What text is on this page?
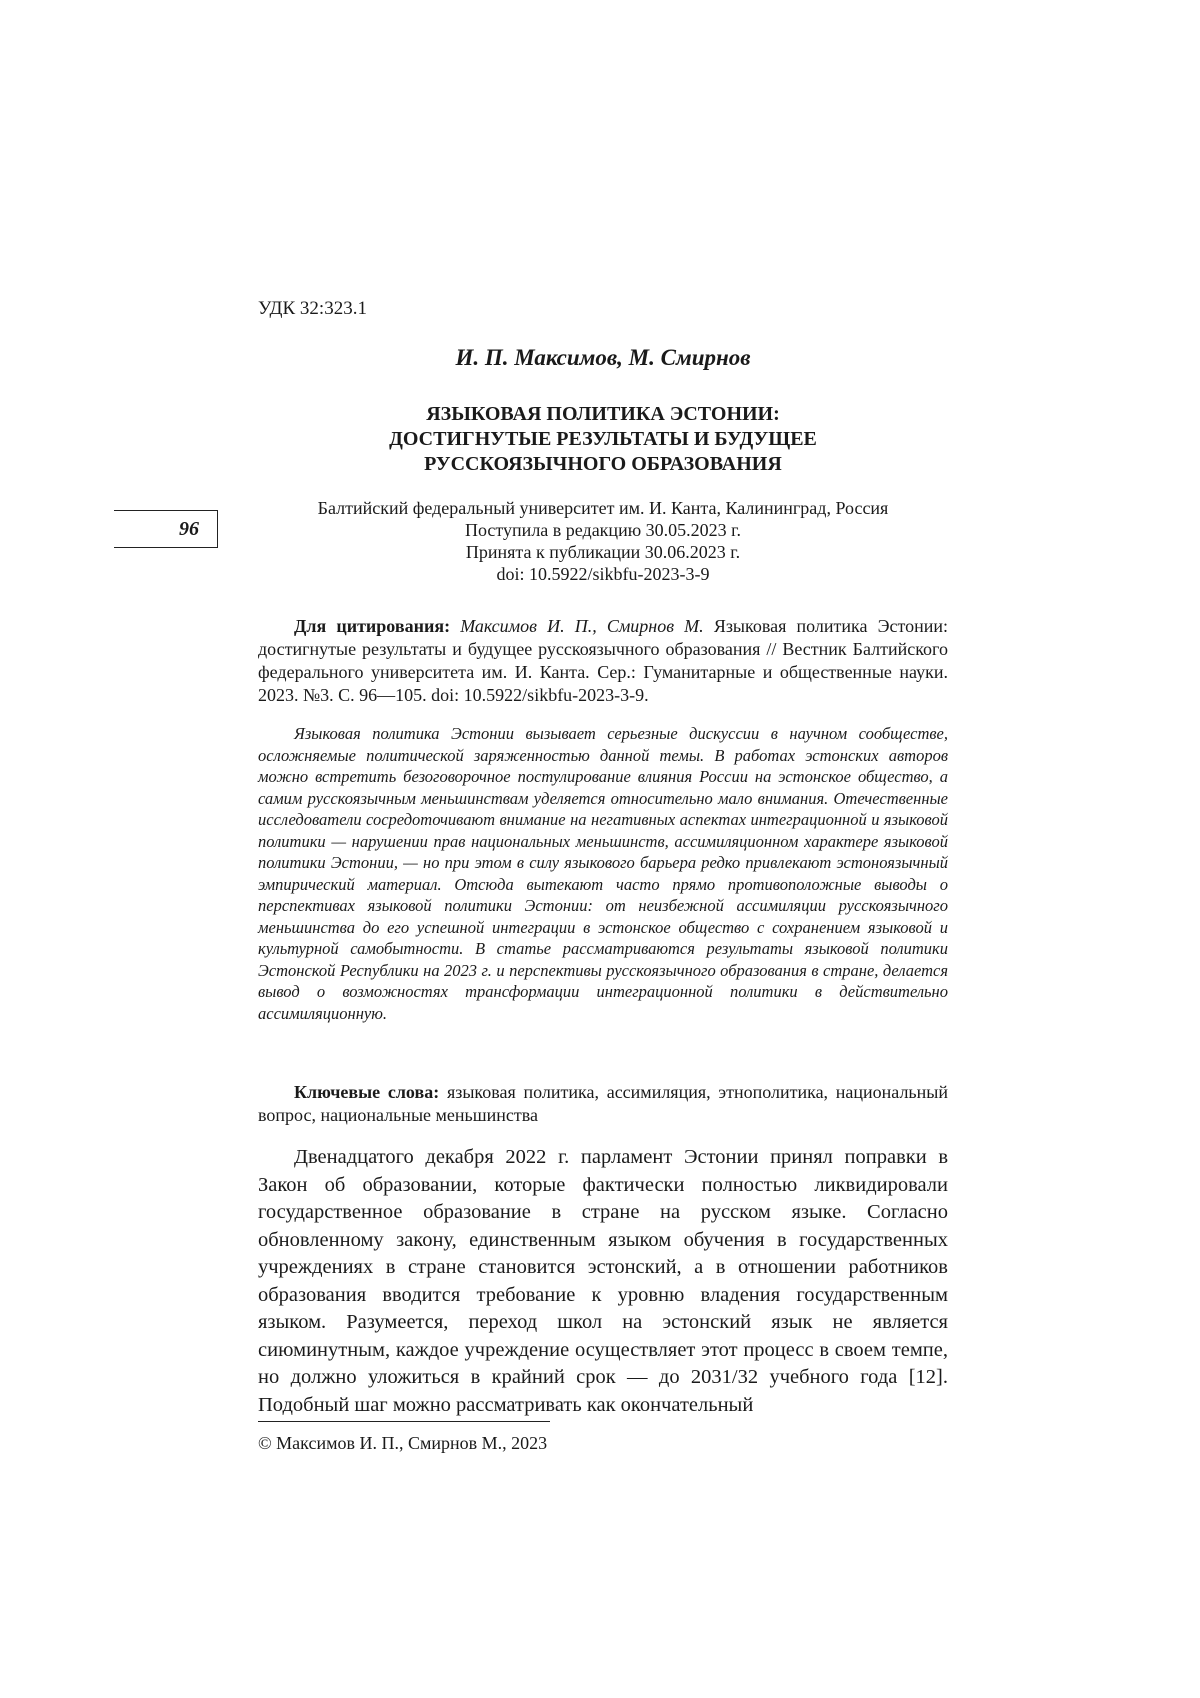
УДК 32:323.1
И. П. Максимов, М. Смирнов
ЯЗЫКОВАЯ ПОЛИТИКА ЭСТОНИИ:
ДОСТИГНУТЫЕ РЕЗУЛЬТАТЫ И БУДУЩЕЕ
РУССКОЯЗЫЧНОГО ОБРАЗОВАНИЯ
96
Балтийский федеральный университет им. И. Канта, Калининград, Россия
Поступила в редакцию 30.05.2023 г.
Принята к публикации 30.06.2023 г.
doi: 10.5922/sikbfu-2023-3-9

Для цитирования: Максимов И. П., Смирнов М. Языковая политика Эстонии: достигнутые результаты и будущее русскоязычного образования // Вестник Балтийского федерального университета им. И. Канта. Сер.: Гуманитарные и общественные науки. 2023. №3. С. 96—105. doi: 10.5922/sikbfu-2023-3-9.

Языковая политика Эстонии вызывает серьезные дискуссии в научном сообществе, осложняемые политической заряженностью данной темы. В работах эстонских авторов можно встретить безоговорочное постулирование влияния России на эстонское общество, а самим русскоязычным меньшинствам уделяется относительно мало внимания. Отечественные исследователи сосредоточивают внимание на негативных аспектах интеграционной и языковой политики — нарушении прав национальных меньшинств, ассимиляционном характере языковой политики Эстонии, — но при этом в силу языкового барьера редко привлекают эстоноязычный эмпирический материал. Отсюда вытекают часто прямо противоположные выводы о перспективах языковой политики Эстонии: от неизбежной ассимиляции русскоязычного меньшинства до его успешной интеграции в эстонское общество с сохранением языковой и культурной самобытности. В статье рассматриваются результаты языковой политики Эстонской Республики на 2023 г. и перспективы русскоязычного образования в стране, делается вывод о возможностях трансформации интеграционной политики в действительно ассимиляционную.

Ключевые слова: языковая политика, ассимиляция, этнополитика, национальный вопрос, национальные меньшинства

Двенадцатого декабря 2022 г. парламент Эстонии принял поправки в Закон об образовании, которые фактически полностью ликвидировали государственное образование в стране на русском языке. Согласно обновленному закону, единственным языком обучения в государственных учреждениях в стране становится эстонский, а в отношении работников образования вводится требование к уровню владения государственным языком. Разумеется, переход школ на эстонский язык не является сиюминутным, каждое учреждение осуществляет этот процесс в своем темпе, но должно уложиться в крайний срок — до 2031/32 учебного года [12]. Подобный шаг можно рассматривать как окончательный

© Максимов И. П., Смирнов М., 2023
